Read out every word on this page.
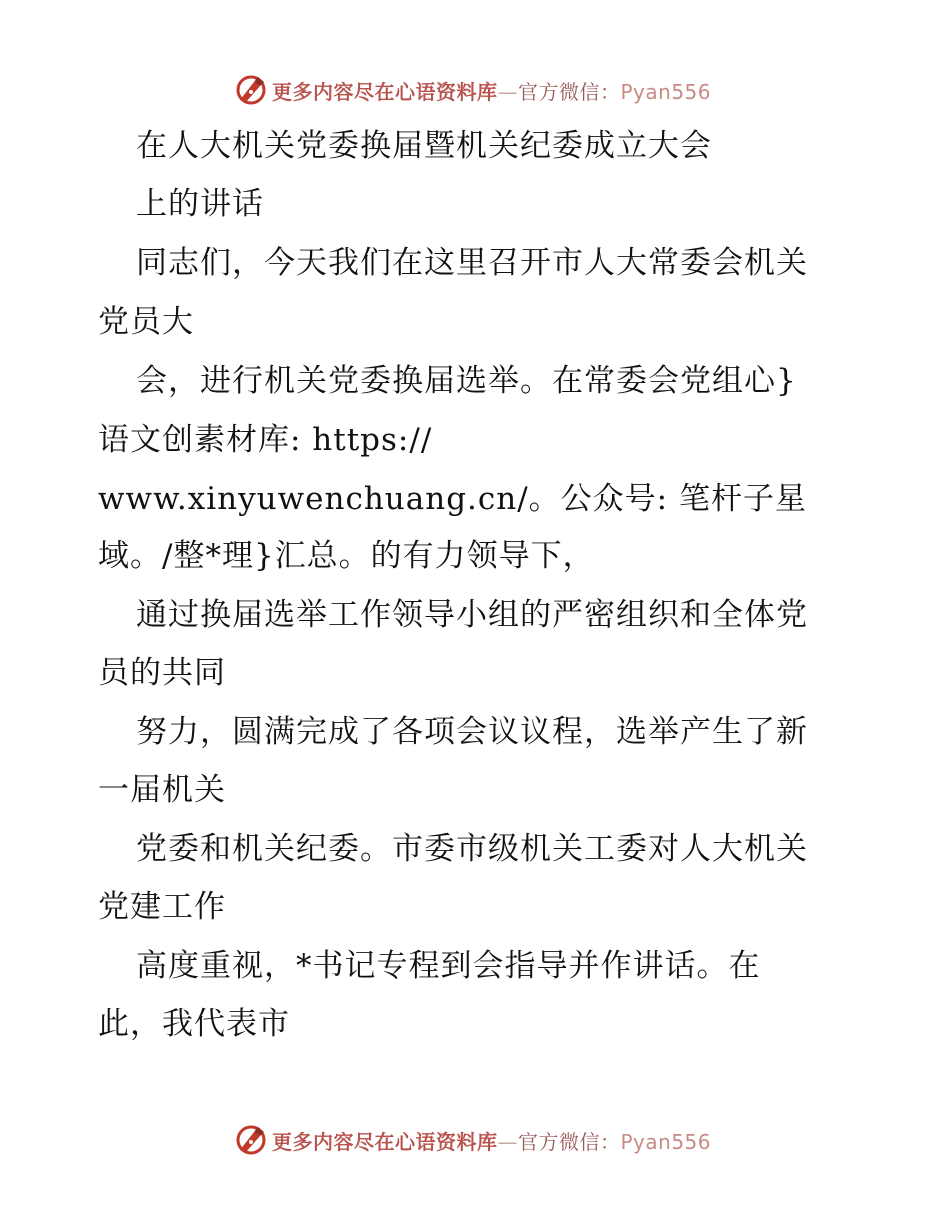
更多内容尽在心语资料库—官方微信：Pyan556
在人大机关党委换届暨机关纪委成立大会
上的讲话
同志们，今天我们在这里召开市人大常委会机关
党员大
会，进行机关党委换届选举。在常委会党组心}
语文创素材库: https://
www.xinyuwenchuang.cn/。公众号: 笔杆子星
域。/整*理}汇总。的有力领导下，
通过换届选举工作领导小组的严密组织和全体党
员的共同
努力，圆满完成了各项会议议程，选举产生了新
一届机关
党委和机关纪委。市委市级机关工委对人大机关
党建工作
高度重视，*书记专程到会指导并作讲话。在
此，我代表市
更多内容尽在心语资料库—官方微信：Pyan556
